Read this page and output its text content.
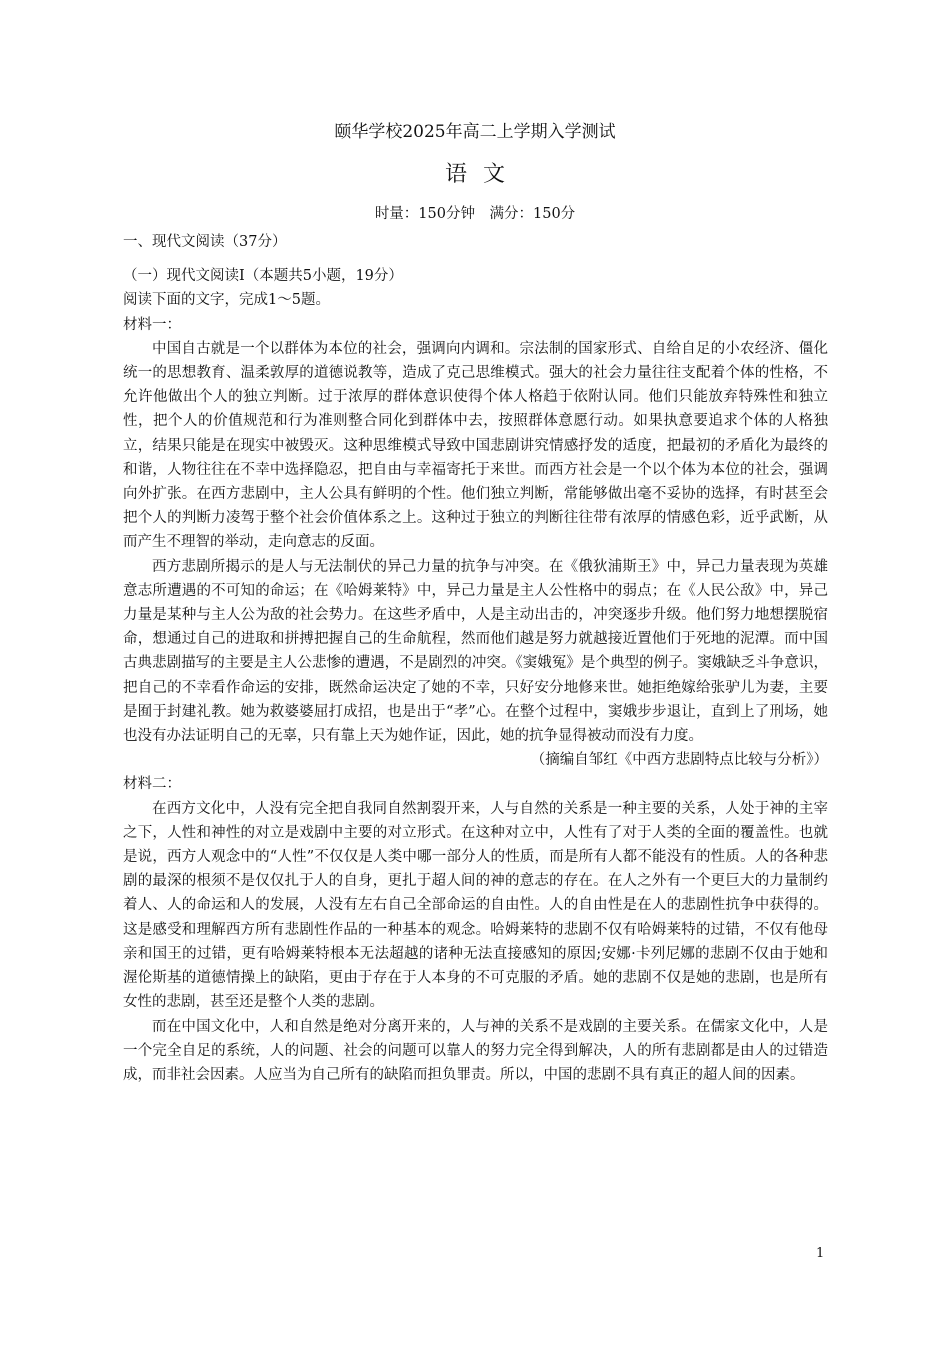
颐华学校2025年高二上学期入学测试
语文
时量：150分钟　满分：150分
一、现代文阅读（37分）
（一）现代文阅读Ⅰ（本题共5小题，19分）
阅读下面的文字，完成1～5题。
材料一：

中国自古就是一个以群体为本位的社会，强调向内调和。宗法制的国家形式、自给自足的小农经济、僵化统一的思想教育、温柔敦厚的道德说教等，造成了克己思维模式。强大的社会力量往往支配着个体的性格，不允许他做出个人的独立判断。过于浓厚的群体意识使得个体人格趋于依附认同。他们只能放弃特殊性和独立性，把个人的价值规范和行为准则整合同化到群体中去，按照群体意愿行动。如果执意要追求个体的人格独立，结果只能是在现实中被毁灭。这种思维模式导致中国悲剧讲究情感抒发的适度，把最初的矛盾化为最终的和谐，人物往往在不幸中选择隐忍，把自由与幸福寄托于来世。而西方社会是一个以个体为本位的社会，强调向外扩张。在西方悲剧中，主人公具有鲜明的个性。他们独立判断，常能够做出毫不妥协的选择，有时甚至会把个人的判断力凌驾于整个社会价值体系之上。这种过于独立的判断往往带有浓厚的情感色彩，近乎武断，从而产生不理智的举动，走向意志的反面。

西方悲剧所揭示的是人与无法制伏的异己力量的抗争与冲突。在《俄狄浦斯王》中，异己力量表现为英雄意志所遭遇的不可知的命运；在《哈姆莱特》中，异己力量是主人公性格中的弱点；在《人民公敌》中，异己力量是某种与主人公为敌的社会势力。在这些矛盾中，人是主动出击的，冲突逐步升级。他们努力地想摆脱宿命，想通过自己的进取和拼搏把握自己的生命航程，然而他们越是努力就越接近置他们于死地的泥潭。而中国古典悲剧描写的主要是主人公悲惨的遭遇，不是剧烈的冲突。《窦娥冤》是个典型的例子。窦娥缺乏斗争意识，把自己的不幸看作命运的安排，既然命运决定了她的不幸，只好安分地修来世。她拒绝嫁给张驴儿为妻，主要是囿于封建礼教。她为救婆婆屈打成招，也是出于“孝”心。在整个过程中，窦娥步步退让，直到上了刑场，她也没有办法证明自己的无辜，只有靠上天为她作证，因此，她的抗争显得被动而没有力度。

（摘编自邹红《中西方悲剧特点比较与分析》）

材料二：

在西方文化中，人没有完全把自我同自然割裂开来，人与自然的关系是一种主要的关系，人处于神的主宰之下，人性和神性的对立是戏剧中主要的对立形式。在这种对立中，人性有了对于人类的全面的覆盖性。也就是说，西方人观念中的“人性”不仅仅是人类中哪一部分人的性质，而是所有人都不能没有的性质。人的各种悲剧的最深的根须不是仅仅扎于人的自身，更扎于超人间的神的意志的存在。在人之外有一个更巨大的力量制约着人、人的命运和人的发展，人没有左右自己全部命运的自由性。人的自由性是在人的悲剧性抗争中获得的。这是感受和理解西方所有悲剧性作品的一种基本的观念。哈姆莱特的悲剧不仅有哈姆莱特的过错，不仅有他母亲和国王的过错，更有哈姆莱特根本无法超越的诸种无法直接感知的原因;安娜·卡列尼娜的悲剧不仅由于她和渥伦斯基的道德情操上的缺陷，更由于存在于人本身的不可克服的矛盾。她的悲剧不仅是她的悲剧，也是所有女性的悲剧，甚至还是整个人类的悲剧。

而在中国文化中，人和自然是绝对分离开来的，人与神的关系不是戏剧的主要关系。在儒家文化中，人是一个完全自足的系统，人的问题、社会的问题可以靠人的努力完全得到解决，人的所有悲剧都是由人的过错造成，而非社会因素。人应当为自己所有的缺陷而担负罪责。所以，中国的悲剧不具有真正的超人间的因素。

1
